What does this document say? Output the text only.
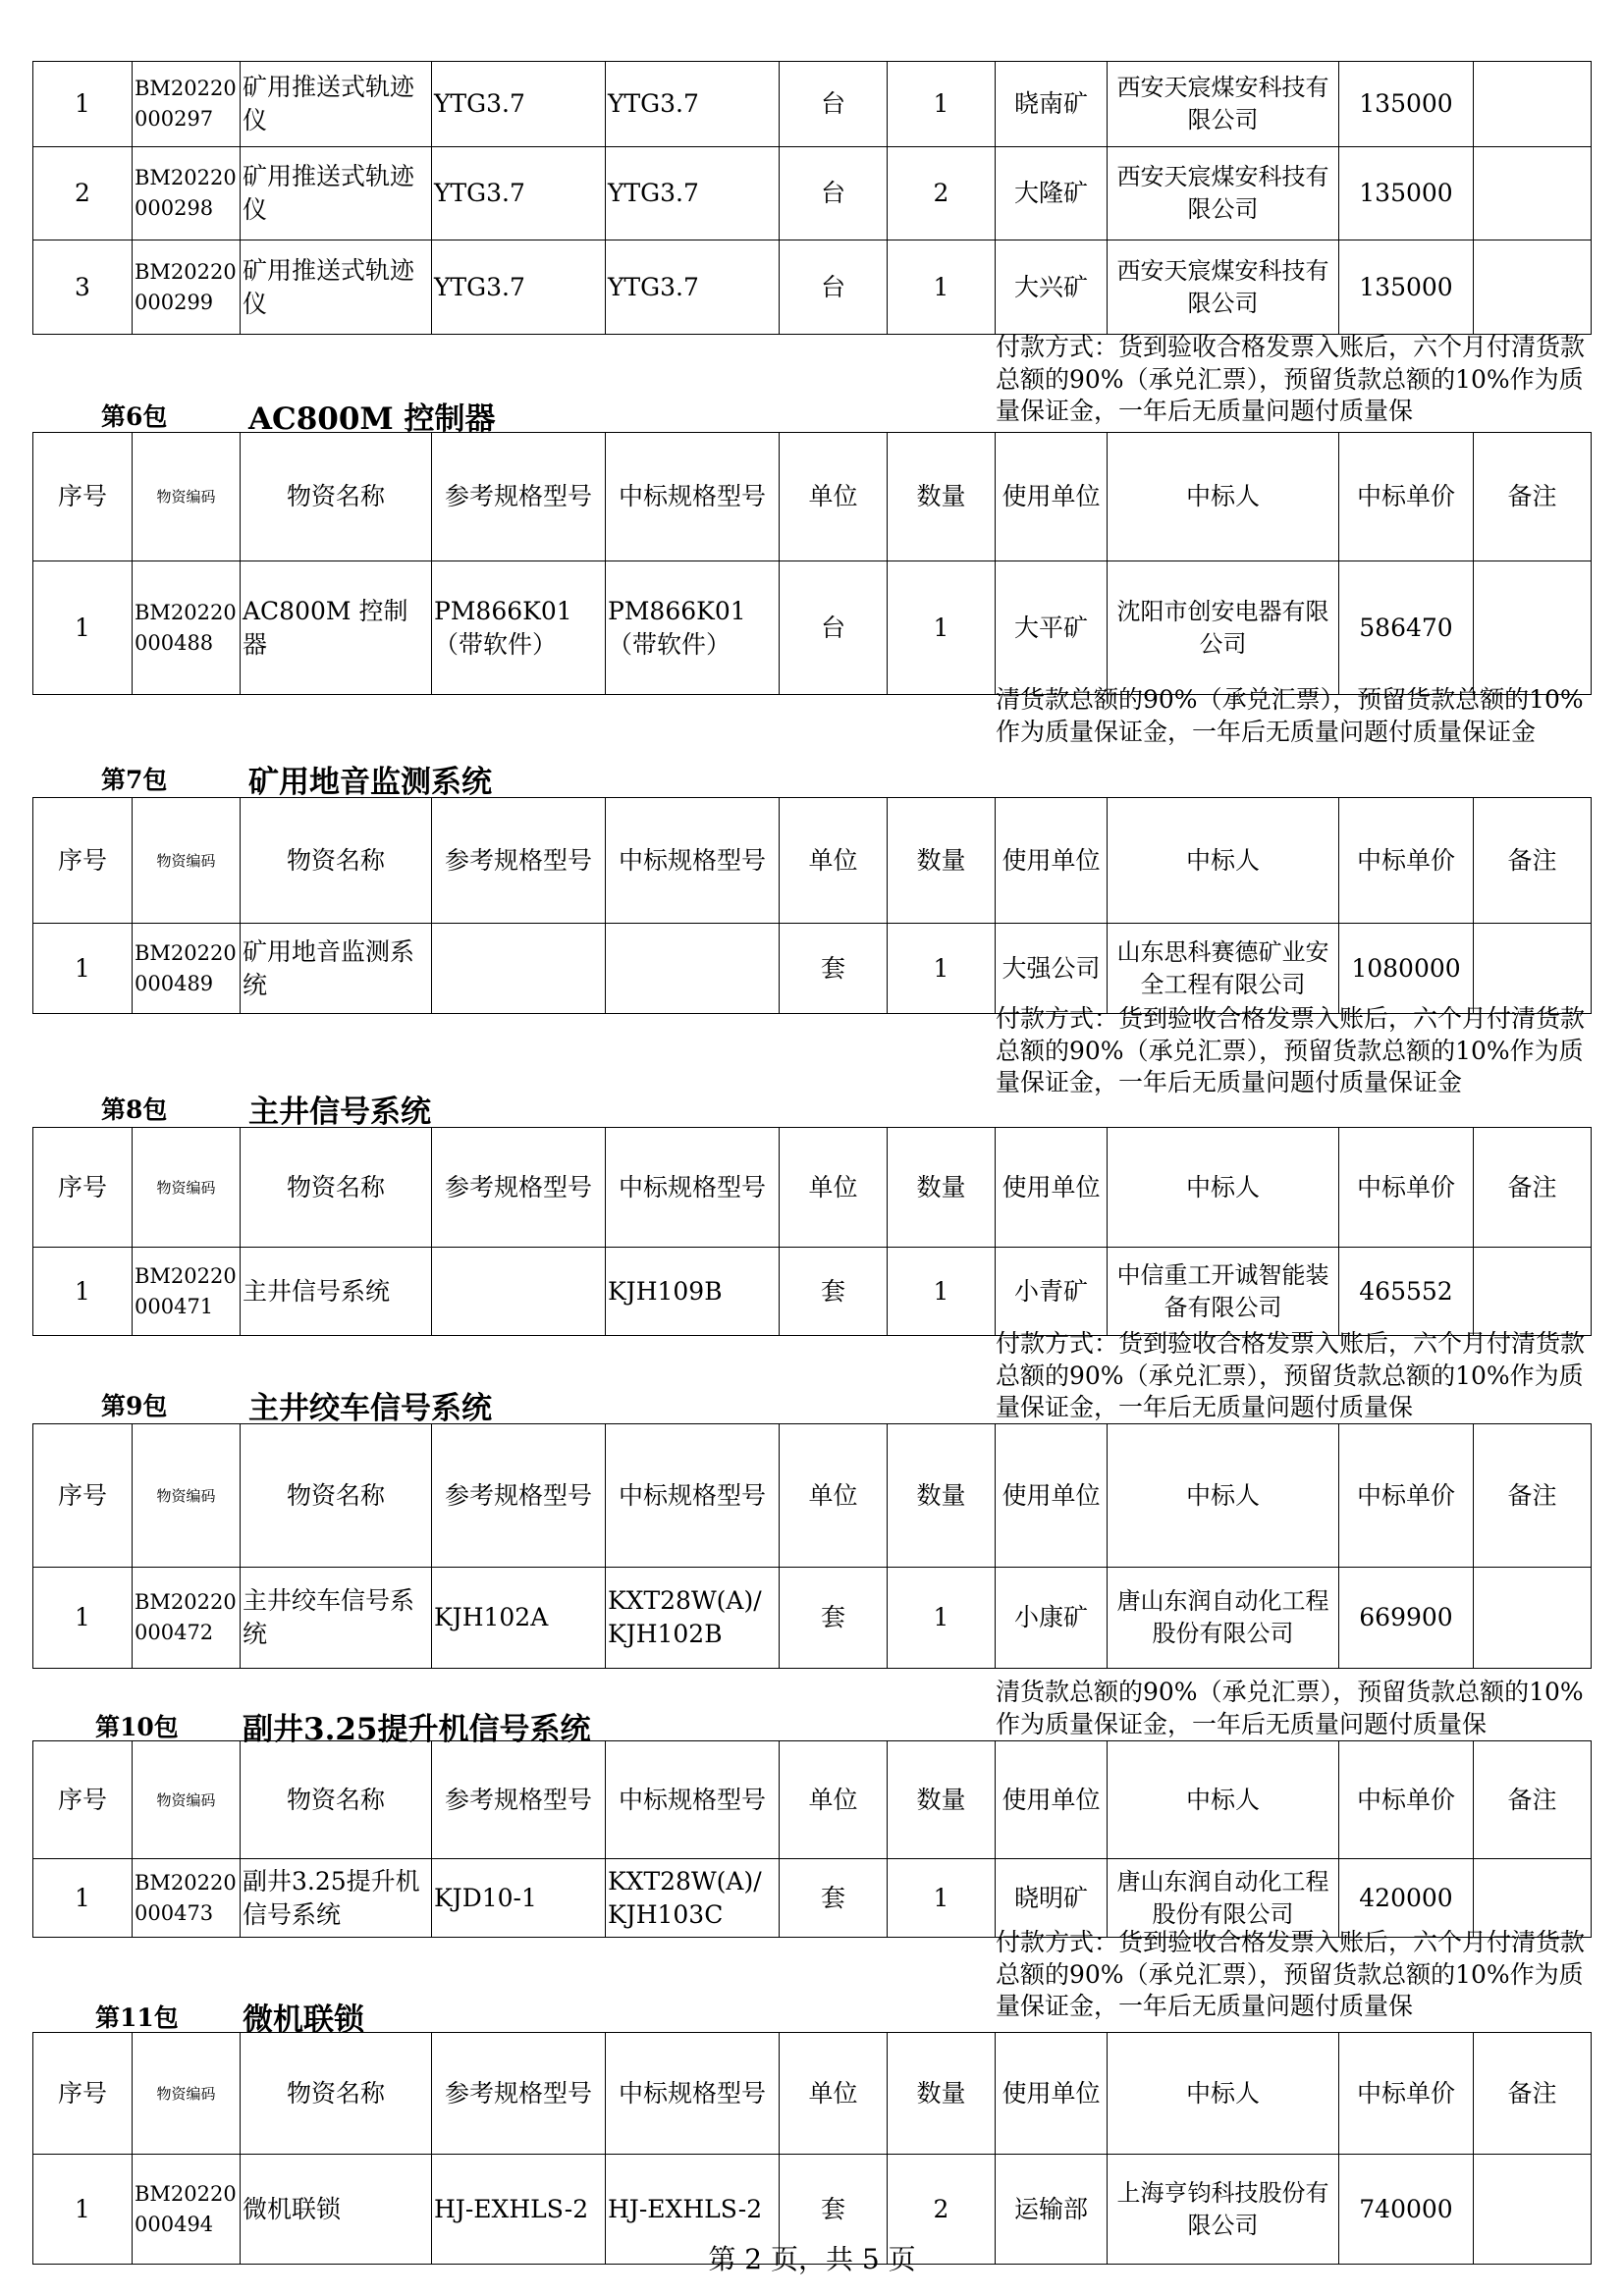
1	BM20220000297	矿用推送式轨迹仪	YTG3.7	YTG3.7	台	1	晓南矿	西安天宸煤安科技有限公司	135000	
2	BM20220000298	矿用推送式轨迹仪	YTG3.7	YTG3.7	台	2	大隆矿	西安天宸煤安科技有限公司	135000	
3	BM20220000299	矿用推送式轨迹仪	YTG3.7	YTG3.7	台	1	大兴矿	西安天宸煤安科技有限公司	135000	
付款方式：货到验收合格发票入账后，六个月付清货款总额的90%（承兑汇票），预留货款总额的10%作为质量保证金，一年后无质量问题付质量保
第6包	AC800M 控制器
序号	物资编码	物资名称	参考规格型号	中标规格型号	单位	数量	使用单位	中标人	中标单价	备注
1	BM20220000488	AC800M 控制器	PM866K01（带软件）	PM866K01（带软件）	台	1	大平矿	沈阳市创安电器有限公司	586470	
清货款总额的90%（承兑汇票），预留货款总额的10%作为质量保证金，一年后无质量问题付质量保证金
第7包	矿用地音监测系统
序号	物资编码	物资名称	参考规格型号	中标规格型号	单位	数量	使用单位	中标人	中标单价	备注
1	BM20220000489	矿用地音监测系统			套	1	大强公司	山东思科赛德矿业安全工程有限公司	1080000	
付款方式：货到验收合格发票入账后，六个月付清货款总额的90%（承兑汇票），预留货款总额的10%作为质量保证金，一年后无质量问题付质量保证金
第8包	主井信号系统
序号	物资编码	物资名称	参考规格型号	中标规格型号	单位	数量	使用单位	中标人	中标单价	备注
1	BM20220000471	主井信号系统		KJH109B	套	1	小青矿	中信重工开诚智能装备有限公司	465552	
付款方式：货到验收合格发票入账后，六个月付清货款总额的90%（承兑汇票），预留货款总额的10%作为质量保证金，一年后无质量问题付质量保
第9包	主井绞车信号系统
序号	物资编码	物资名称	参考规格型号	中标规格型号	单位	数量	使用单位	中标人	中标单价	备注
1	BM20220000472	主井绞车信号系统	KJH102A	KXT28W(A)/KJH102B	套	1	小康矿	唐山东润自动化工程股份有限公司	669900	
清货款总额的90%（承兑汇票），预留货款总额的10%作为质量保证金，一年后无质量问题付质量保
第10包 副井3.25提升机信号系统
序号	物资编码	物资名称	参考规格型号	中标规格型号	单位	数量	使用单位	中标人	中标单价	备注
1	BM20220000473	副井3.25提升机信号系统	KJD10-1	KXT28W(A)/KJH103C	套	1	晓明矿	唐山东润自动化工程股份有限公司	420000	
付款方式：货到验收合格发票入账后，六个月付清货款总额的90%（承兑汇票），预留货款总额的10%作为质量保证金，一年后无质量问题付质量保
第11包 微机联锁
序号	物资编码	物资名称	参考规格型号	中标规格型号	单位	数量	使用单位	中标人	中标单价	备注
1	BM20220000494	微机联锁	HJ-EXHLS-2	HJ-EXHLS-2	套	2	运输部	上海亨钧科技股份有限公司	740000	
第 2 页，共 5 页
